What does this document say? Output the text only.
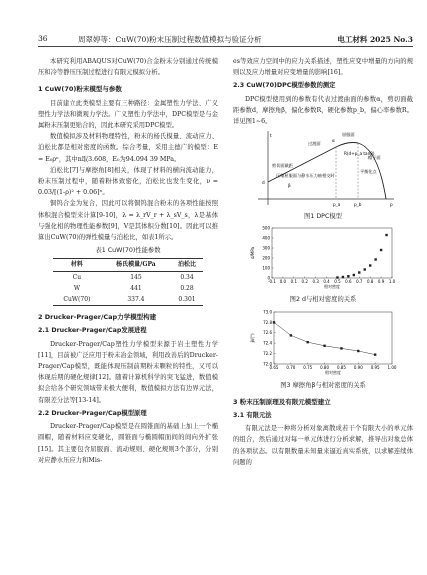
36	周翠婷等：CuW(70)粉末压制过程数值模拟与验证分析	电工材料 2025 No.3

本研究利用ABAQUS对CuW(70)合金粉末分别通过传统模压和冷等静压压制过程进行有限元模拟分析。

1 CuW(70)粉末模型与参数

目前建立此类模型主要有三种路径：金属塑性力学法、广义塑性力学法和微观力学法。广义塑性力学法中，DPC模型是与金属粉末压制更贴合的，因此本研究采用DPC模型。

数值模拟涉及材料物理特性，粉末的杨氏模量、流动应力、泊松比都是相对密度的函数。综合考量，采用主德广的模型：E = E₀ρⁿ，其中n取3.608，E₀为94.094 39 MPa。

泊松比[7]与摩擦角[8]相关，体现了材料的横向流动能力，粉末压制过程中，随着粉体致密化，泊松比也发生变化，ν = 0.03/[(1-ρ)² + 0.06]ⁿ。

铜钨合金为复合，因此可以将铜钨混合粉末的各项性能按照体积混合模型来计算[9-10]，λ = λ_rV_r + λ_sV_s，λ是基体与强化相的物理性能参数[9]，V是其体积分数[10]。因此可以推算出CuW(70)的弹性模量与泊松比，如表1所示。

表1 CuW(70)性能参数
材料	杨氏模量/GPa	泊松比
Cu	145	0.34
W	441	0.28
CuW(70)	337.4	0.301
2 Drucker-Prager/Cap力学模型构建
2.1 Drucker-Prager/Cap发展进程

Drucker-Prager/Cap塑性力学模型来源于岩土塑性力学[11]，目前被广泛应用于粉末冶金领域，利用改善后的Drucker-Prager/Cap模型，既能体现压制前期粉末颗粒的特性，又可以体现后期的硬化规律[12]。随着计算机科学的突飞猛进，数值模拟会给各个研究领域带来极大便利，数值模拟方法有边界元法，有限差分法等[13-14]。

2.2 Drucker-Prager/Cap模型原理

Drucker-Prager/Cap模型是在圆锥面的基础上加上一个椭圆帽，随着材料应变硬化，圆锥面与椭圆帽面间的间向外扩张[15]。其主要包含屈服面、流动规则、硬化规则3个部分，分别对应静水压应力和Mis-

es等效应力空间中的应力关系描述，塑性应变中增量的方向的规则以及应力增量对应变增量的影响[16]。

2.3 CuW(70)DPC模型参数的测定

DPC模型使用到的参数有代表过渡曲面的参数α，剪切面截距参数d，摩擦角β，偏化参数R，硬化参数p_b，偏心率参数R。详见图1~6。

t
p
屈服面
帽子面
过渡面
剪切面截距
压缩屈服面与静水压力轴相交时
平衡化点
β
d
p_a	p_b
R(d+p_a tanβ)
α
图1 DPC模型
-0.1 0.0 0.1 0.2 0.3 0.4 0.5 0.6 0.7 0.8 0.9 1.0
0
100
200
300
400
500
相对密度
d/MPa
图2 d与相对密度的关系
0.65 0.70 0.75 0.80 0.85 0.90 0.95 1.00
72.0
72.2
72.4
72.6
72.8
73.0
相对密度
β/(°)
图3 摩擦角β与相对密度的关系
3 粉末压制原理及有限元模型建立
3.1 有限元法

有限元法是一种将分析对象离散成若干个有限大小的单元体的组合，然后通过对每一单元体进行分析求解，推导出对象总体的各项状态。以有限数量未知量来逼近真实系统，以求解连续体问题的
